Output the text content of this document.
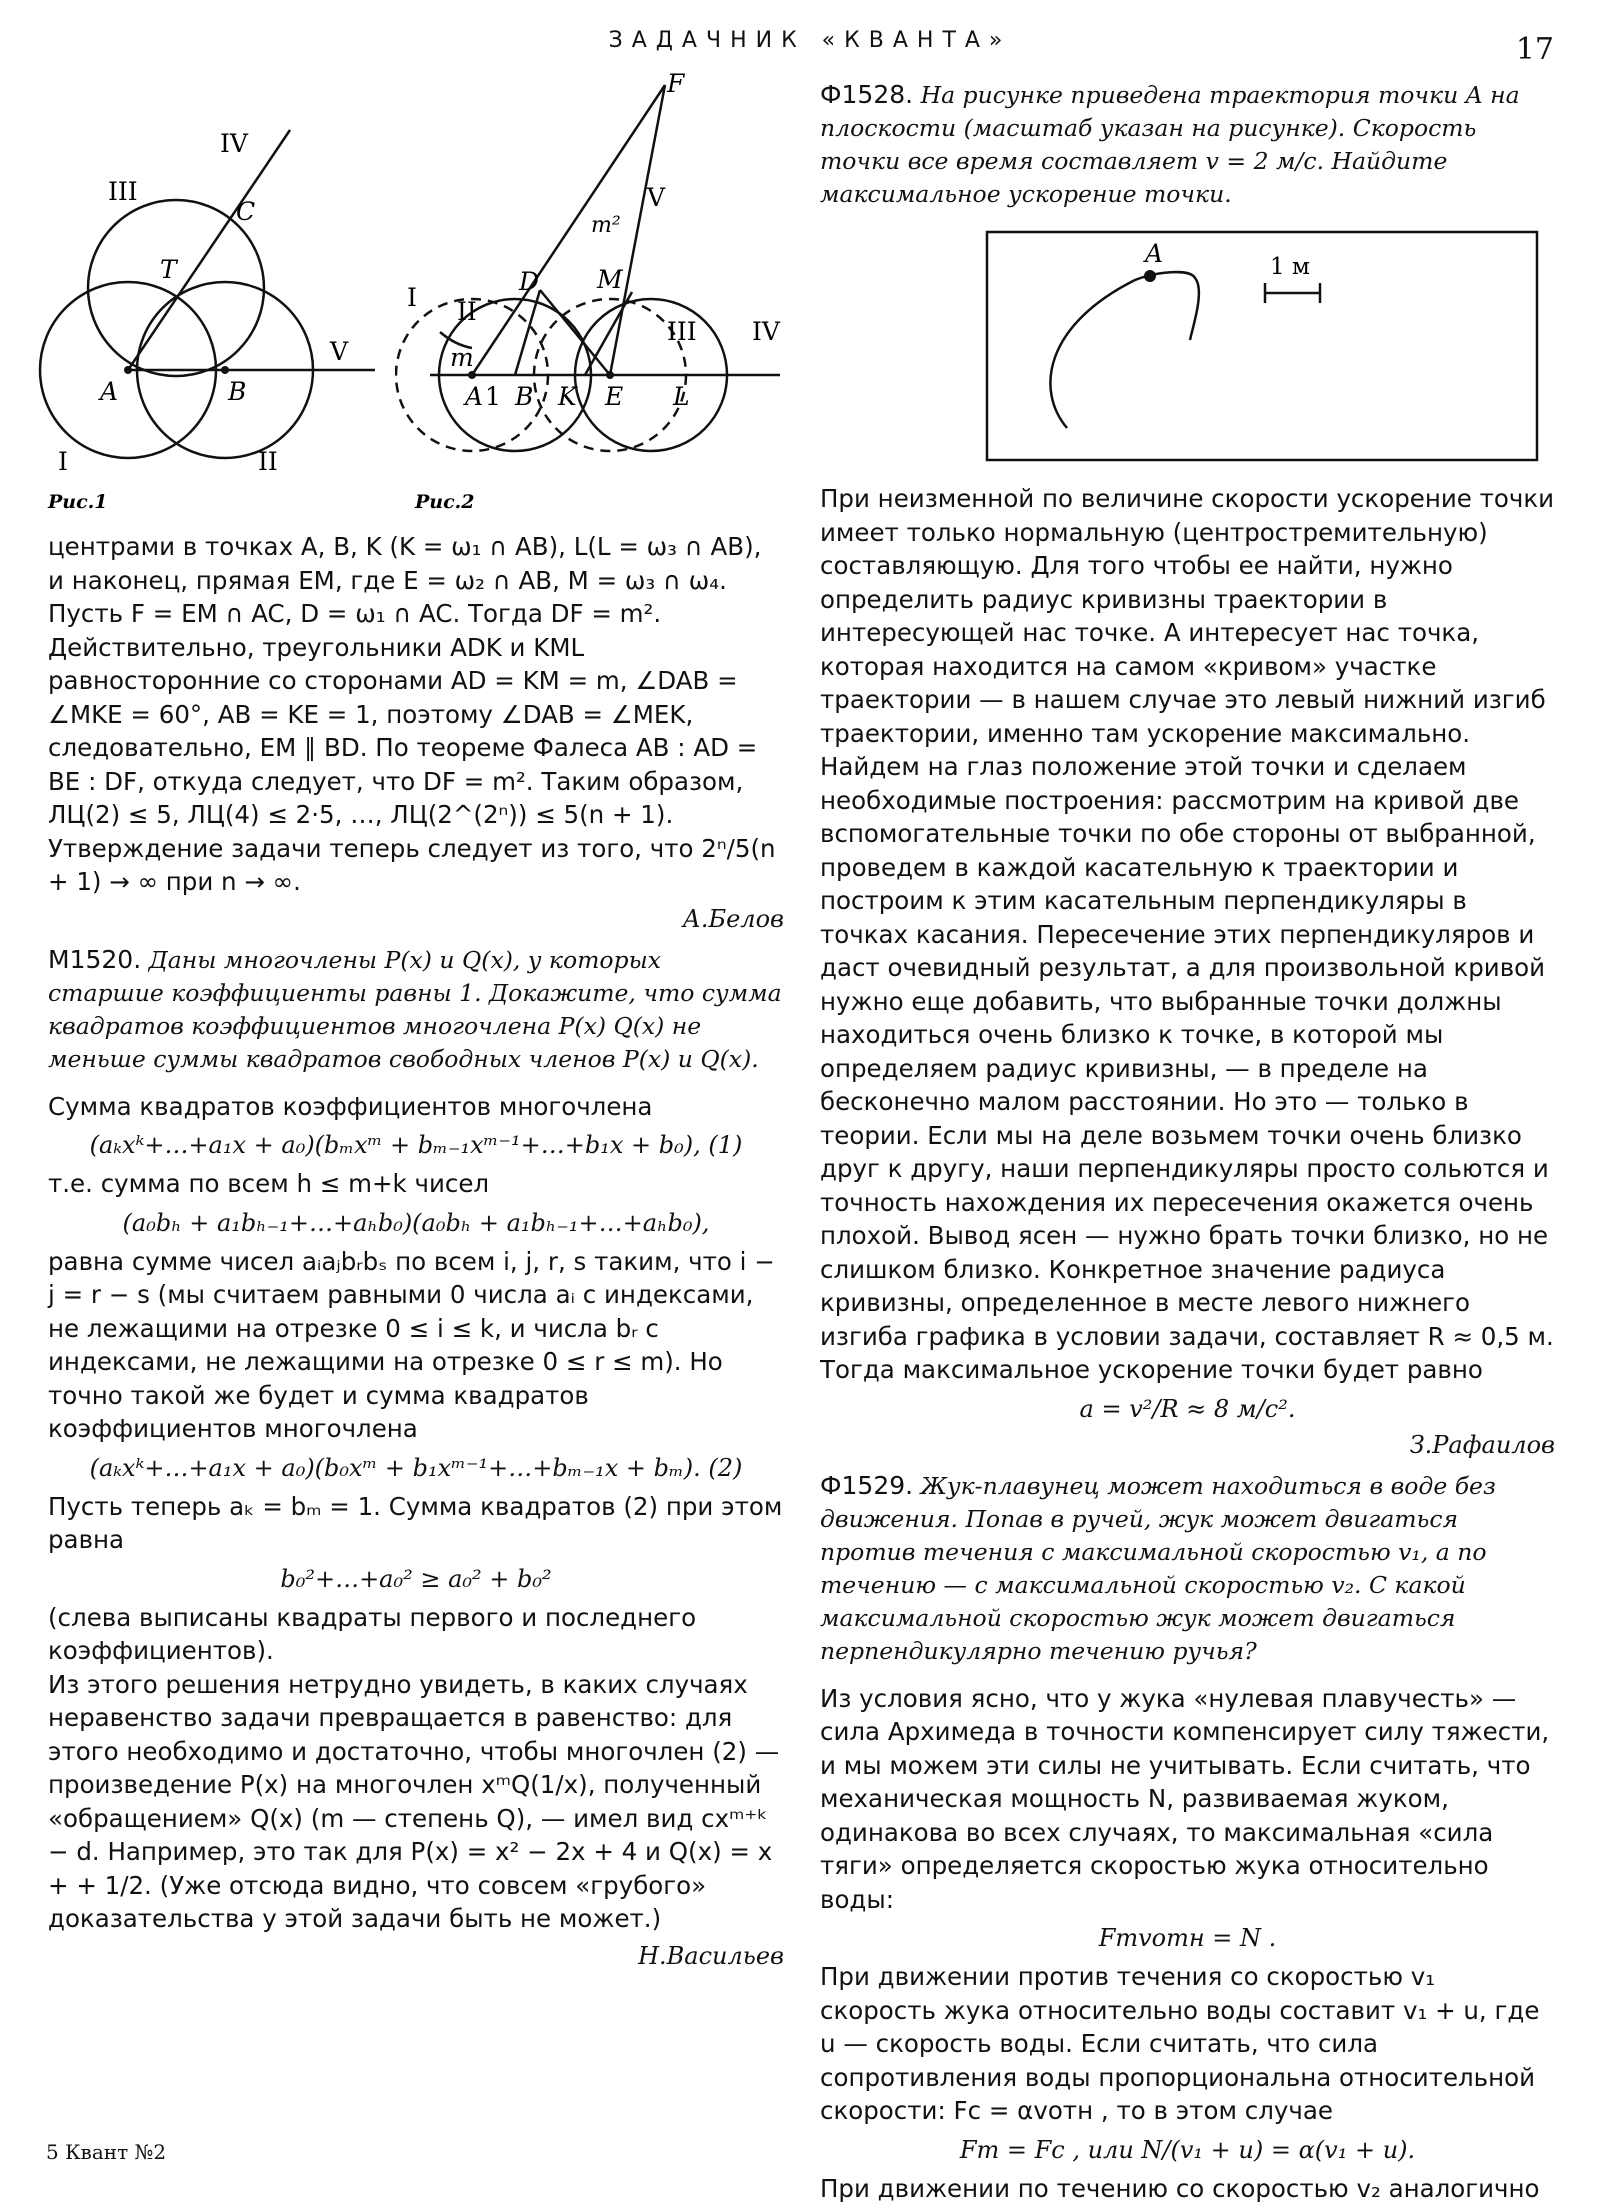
ЗАДАЧНИК «КВАНТА»	17
IV
III
C
T
A	B
V
I	II
Рис.1
F
V
m²
D M
I II
m
III IV
A 1 B K E L
Рис.2

Ф1528. На рисунке приведена траектория точки A на плоскости (масштаб указан на рисунке). Скорость точки все время составляет v = 2 м/с. Найдите максимальное ускорение точки.

A	1 м

центрами в точках A, B, K (K = ω₁ ∩ AB), L(L = ω₃ ∩ AB), и наконец, прямая EM, где E = ω₂ ∩ AB, M = ω₃ ∩ ω₄.

Пусть F = EM ∩ AC, D = ω₁ ∩ AC. Тогда DF = m². Действительно, треугольники ADK и KML равносторонние со сторонами AD = KM = m, ∠DAB = ∠MKE = 60°, AB = KE = 1, поэтому ∠DAB = ∠MEK, следовательно, EM ∥ BD. По теореме Фалеса AB : AD = BE : DF, откуда следует, что DF = m². Таким образом, ЛЦ(2) ≤ 5, ЛЦ(4) ≤ 2·5, …, ЛЦ(2^(2ⁿ)) ≤ 5(n + 1). Утверждение задачи теперь следует из того, что 2ⁿ/5(n + 1) → ∞ при n → ∞.

А.Белов

М1520. Даны многочлены P(x) и Q(x), у которых старшие коэффициенты равны 1. Докажите, что сумма квадратов коэффициентов многочлена P(x) Q(x) не меньше суммы квадратов свободных членов P(x) и Q(x).

Сумма квадратов коэффициентов многочлена

(aₖxᵏ+…+a₁x + a₀)(bₘxᵐ + bₘ₋₁xᵐ⁻¹+…+b₁x + b₀), (1)

т.е. сумма по всем h ≤ m+k чисел

(a₀bₕ + a₁bₕ₋₁+…+aₕb₀)(a₀bₕ + a₁bₕ₋₁+…+aₕb₀),

равна сумме чисел aᵢaⱼbᵣbₛ по всем i, j, r, s таким, что i − j = r − s (мы считаем равными 0 числа aᵢ с индексами, не лежащими на отрезке 0 ≤ i ≤ k, и числа bᵣ с индексами, не лежащими на отрезке 0 ≤ r ≤ m). Но точно такой же будет и сумма квадратов коэффициентов многочлена

(aₖxᵏ+…+a₁x + a₀)(b₀xᵐ + b₁xᵐ⁻¹+…+bₘ₋₁x + bₘ). (2)

Пусть теперь aₖ = bₘ = 1. Сумма квадратов (2) при этом равна

b₀²+…+a₀² ≥ a₀² + b₀²

(слева выписаны квадраты первого и последнего коэффициентов).

Из этого решения нетрудно увидеть, в каких случаях неравенство задачи превращается в равенство: для этого необходимо и достаточно, чтобы многочлен (2) — произведение P(x) на многочлен xᵐQ(1/x), полученный «обращением» Q(x) (m — степень Q), — имел вид cxᵐ⁺ᵏ − d. Например, это так для P(x) = x² − 2x + 4 и Q(x) = x + + 1/2. (Уже отсюда видно, что совсем «грубого» доказательства у этой задачи быть не может.)

Н.Васильев

При неизменной по величине скорости ускорение точки имеет только нормальную (центростремительную) составляющую. Для того чтобы ее найти, нужно определить радиус кривизны траектории в интересующей нас точке. А интересует нас точка, которая находится на самом «кривом» участке траектории — в нашем случае это левый нижний изгиб траектории, именно там ускорение максимально. Найдем на глаз положение этой точки и сделаем необходимые построения: рассмотрим на кривой две вспомогательные точки по обе стороны от выбранной, проведем в каждой касательную к траектории и построим к этим касательным перпендикуляры в точках касания. Пересечение этих перпендикуляров и даст очевидный результат, а для произвольной кривой нужно еще добавить, что выбранные точки должны находиться очень близко к точке, в которой мы определяем радиус кривизны, — в пределе на бесконечно малом расстоянии. Но это — только в теории. Если мы на деле возьмем точки очень близко друг к другу, наши перпендикуляры просто сольются и точность нахождения их пересечения окажется очень плохой. Вывод ясен — нужно брать точки близко, но не слишком близко. Конкретное значение радиуса кривизны, определенное в месте левого нижнего изгиба графика в условии задачи, составляет R ≈ 0,5 м. Тогда максимальное ускорение точки будет равно

a = v²/R ≈ 8 м/с².
З.Рафаилов

Ф1529. Жук-плавунец может находиться в воде без движения. Попав в ручей, жук может двигаться против течения с максимальной скоростью v₁, а по течению — с максимальной скоростью v₂. С какой максимальной скоростью жук может двигаться перпендикулярно течению ручья?

Из условия ясно, что у жука «нулевая плавучесть» — сила Архимеда в точности компенсирует силу тяжести, и мы можем эти силы не учитывать. Если считать, что механическая мощность N, развиваемая жуком, одинакова во всех случаях, то максимальная «сила тяги» определяется скоростью жука относительно воды:

Fтvотн = N .

При движении против течения со скоростью v₁ скорость жука относительно воды составит v₁ + u, где u — скорость воды. Если считать, что сила сопротивления воды пропорциональна относительной скорости: Fс = αvотн , то в этом случае

Fт = Fс , или N/(v₁ + u) = α(v₁ + u).

При движении по течению со скоростью v₂ аналогично

5 Квант №2
